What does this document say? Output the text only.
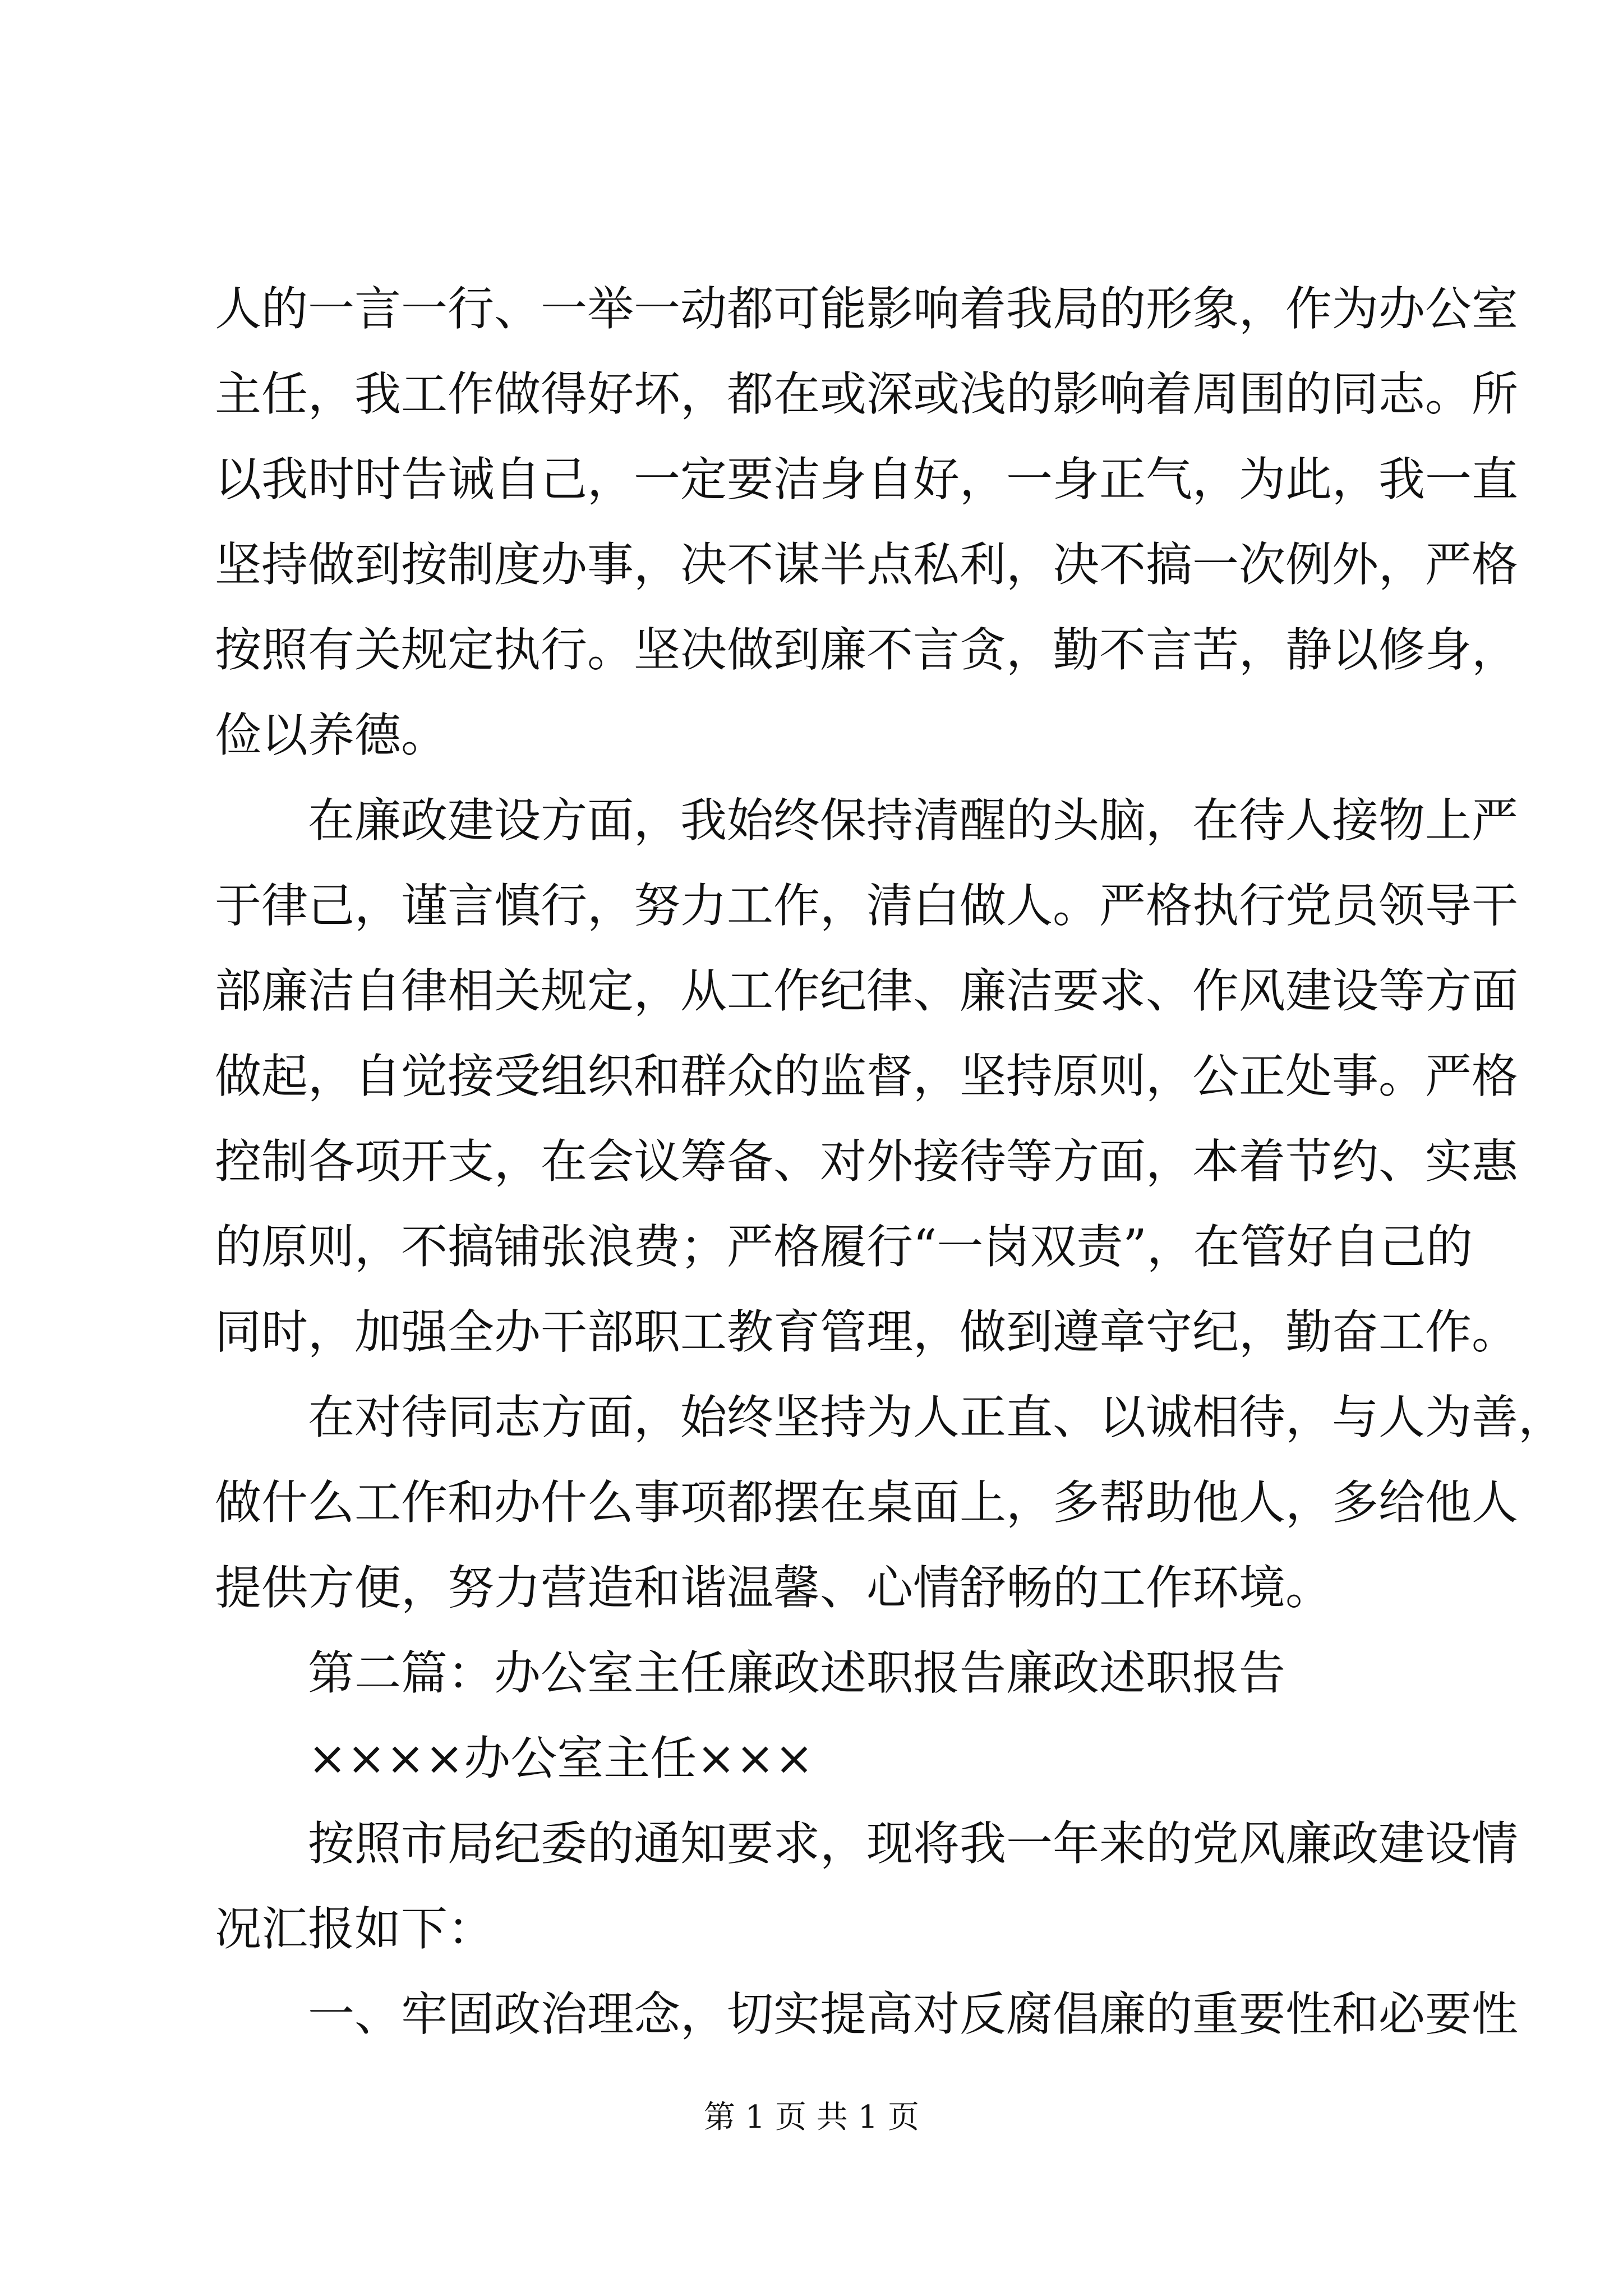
人的一言一行、一举一动都可能影响着我局的形象，作为办公室
主任，我工作做得好坏，都在或深或浅的影响着周围的同志。所
以我时时告诫自己，一定要洁身自好，一身正气，为此，我一直
坚持做到按制度办事，决不谋半点私利，决不搞一次例外，严格
按照有关规定执行。坚决做到廉不言贪，勤不言苦，静以修身，
俭以养德。
在廉政建设方面，我始终保持清醒的头脑，在待人接物上严
于律己，谨言慎行，努力工作，清白做人。严格执行党员领导干
部廉洁自律相关规定，从工作纪律、廉洁要求、作风建设等方面
做起，自觉接受组织和群众的监督，坚持原则，公正处事。严格
控制各项开支，在会议筹备、对外接待等方面，本着节约、实惠
的原则，不搞铺张浪费；严格履行“一岗双责”，在管好自己的
同时，加强全办干部职工教育管理，做到遵章守纪，勤奋工作。
在对待同志方面，始终坚持为人正直、以诚相待，与人为善，
做什么工作和办什么事项都摆在桌面上，多帮助他人，多给他人
提供方便，努力营造和谐温馨、心情舒畅的工作环境。
第二篇：办公室主任廉政述职报告廉政述职报告
××××办公室主任×××
按照市局纪委的通知要求，现将我一年来的党风廉政建设情
况汇报如下：
一、牢固政治理念，切实提高对反腐倡廉的重要性和必要性
第 1 页 共 1 页
